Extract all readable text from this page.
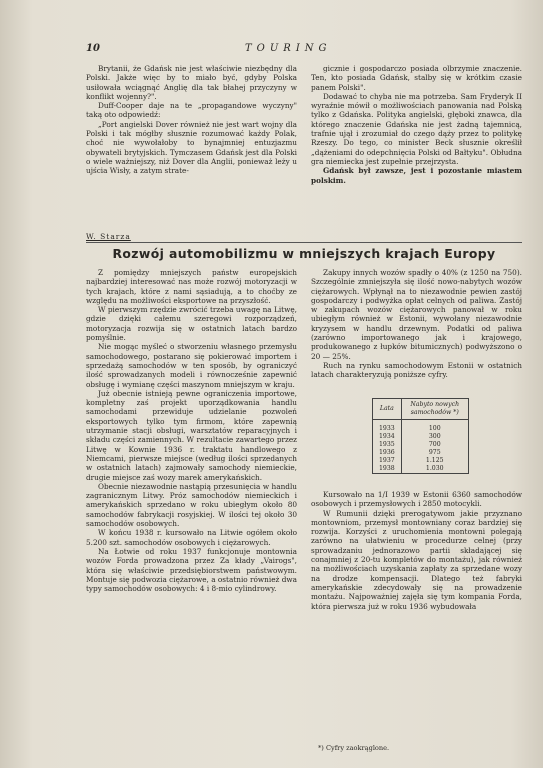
10	TOURING

Brytanii, że Gdańsk nie jest właściwie niezbędny dla Polski. Jakże więc by to miało być, gdyby Polska usiłowała wciągnąć Anglię dla tak błahej przyczyny w konflikt wojenny?".

Duff-Cooper daje na te „propagandowe wyczyny" taką oto odpowiedź:

„Port angielski Dover również nie jest wart wojny dla Polski i tak mógłby słusznie rozumować każdy Polak, choć nie wywołałoby to bynajmniej entuzjazmu obywateli brytyjskich. Tymczasem Gdańsk jest dla Polski o wiele ważniejszy, niż Dover dla Anglii, ponieważ leży u ujścia Wisły, a zatym strate-

gicznie i gospodarczo posiada olbrzymie znaczenie. Ten, kto posiada Gdańsk, stalby się w krótkim czasie panem Polski".

Dodawać to chyba nie ma potrzeba. Sam Fryderyk II wyraźnie mówił o możliwościach panowania nad Polską tylko z Gdańska. Polityka angielski, głęboki znawca, dla którego znaczenie Gdańska nie jest żadną tajemnicą, trafnie ujął i zrozumiał do czego dąży przez to politykę Rzeszy. Do tego, co minister Beck słusznie określił „dążeniami do odepchnięcia Polski od Bałtyku". Obłudna gra niemiecka jest zupełnie przejrzysta.

Gdańsk był zawsze, jest i pozostanie miastem polskim.

W. Starza
Rozwój automobilizmu w mniejszych krajach Europy

Z pomiędzy mniejszych państw europejskich najbardziej interesować nas może rozwój motoryzacji w tych krajach, które z nami sąsiadują, a to choćby ze względu na możliwości eksportowe na przyszłość.

W pierwszym rzędzie zwrócić trzeba uwagę na Litwę, gdzie dzięki całemu szeregowi rozporządzeń, motoryzacja rozwija się w ostatnich latach bardzo pomyślnie.

Nie mogąc myśleć o stworzeniu własnego przemysłu samochodowego, postarano się pokierować importem i sprzedażą samochodów w ten sposób, by ograniczyć ilość sprowadzanych modeli i równocześnie zapewnić obsługę i wymianę części maszynom mniejszym w kraju.

Już obecnie istnieją pewne ograniczenia importowe, kompletny zaś projekt uporządkowania handlu samochodami przewiduje udzielanie pozwoleń eksportowych tylko tym firmom, które zapewnią utrzymanie stacji obsługi, warsztatów reparacyjnych i składu części zamiennych. W rezultacie zawartego przez Litwę w Kownie 1936 r. traktatu handlowego z Niemcami, pierwsze miejsce (według ilości sprzedanych w ostatnich latach) zajmowały samochody niemieckie, drugie miejsce zaś wozy marek amerykańskich.

Obecnie niezawodnie nastąpią przesunięcia w handlu zagranicznym Litwy. Próz samochodów niemieckich i amerykańskich sprzedano w roku ubiegłym około 80 samochodów fabrykacji rosyjskiej. W ilości tej około 30 samochodów osobowych.

W końcu 1938 r. kursowało na Litwie ogółem około 5.200 szt. samochodów osobowych i ciężarowych.

Na Łotwie od roku 1937 funkcjonuje montownia wozów Forda prowadzona przez Za kłady „Vairogs", która się właściwie przedsiębiorstwem państwowym. Montuje się podwozia ciężarowe, a ostatnio również dwa typy samochodów osobowych: 4 i 8-mio cylindrowy.

Zakupy innych wozów spadły o 40% (z 1250 na 750). Szczególnie zmniejszyła się ilość nowo-nabytych wozów ciężarowych. Wpłynął na to niezawodnie pewien zastój gospodarczy i podwyżka opłat celnych od paliwa. Zastój w zakupach wozów ciężarowych panował w roku ubiegłym również w Estonii, wywołany niezawodnie kryzysem w handlu drzewnym. Podatki od paliwa (zarówno importowanego jak i krajowego, produkowanego z łupków bitumicznych) podwyższono o 20 — 25%.

Ruch na rynku samochodowym Estonii w ostatnich latach charakteryzują poniższe cyfry.

Lata	Nabyto nowych samochodów *)
1933	100
1934	300
1935	700
1936	975
1937	1.125
1938	1.030

Kursowało na 1/I 1939 w Estonii 6360 samochodów osobowych i przemysłowych i 2850 motocykli.

W Rumunii dzięki prerogatywom jakie przyznano montowniom, przemysł montowniany coraz bardziej się rozwija. Korzyści z uruchomienia montowni polegają zarówno na ułatwieniu w procedurze celnej (przy sprowadzaniu jednorazowo partii składającej się conajmniej z 20-tu kompletów do montażu), jak również na możliwościach uzyskania zapłaty za sprzedane wozy na drodze kompensacji. Dlatego też fabryki amerykańskie zdecydowały się na prowadzenie montażu. Najpoważniej zajęła się tym kompania Forda, która pierwsza już w roku 1936 wybudowała

*) Cyfry zaokrąglone.
